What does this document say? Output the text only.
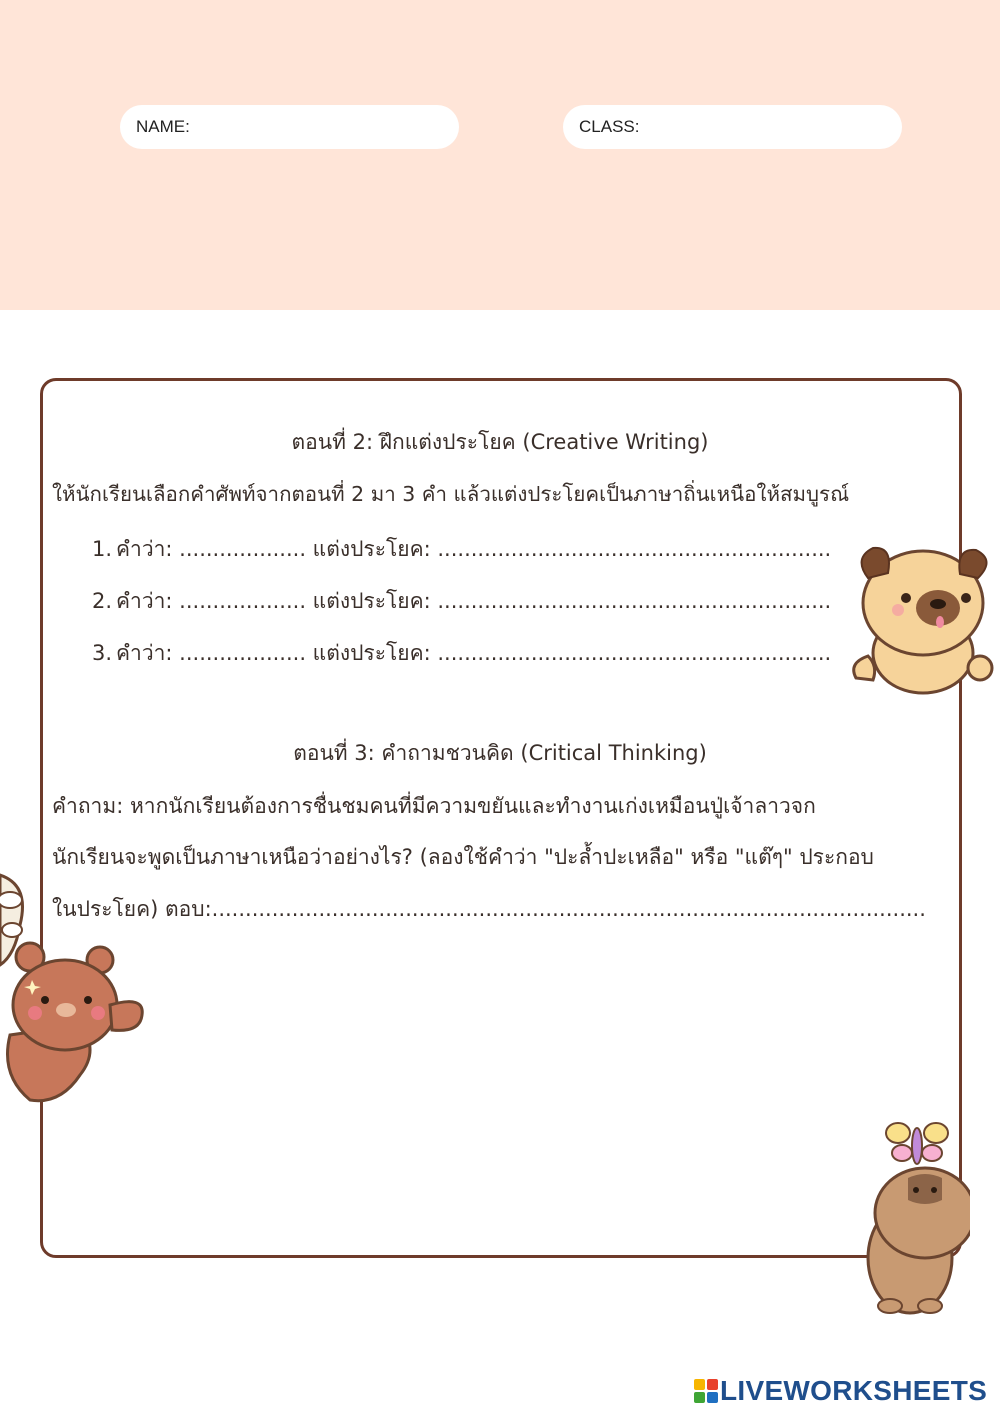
NAME:	CLASS:
ตอนที่ 2: ฝึกแต่งประโยค (Creative Writing)
ให้นักเรียนเลือกคำศัพท์จากตอนที่ 2 มา 3 คำ แล้วแต่งประโยคเป็นภาษาถิ่นเหนือให้สมบูรณ์
1. คำว่า: ................... แต่งประโยค: ...........................................................
2. คำว่า: ................... แต่งประโยค: ...........................................................
3. คำว่า: ................... แต่งประโยค: ...........................................................
ตอนที่ 3: คำถามชวนคิด (Critical Thinking)
คำถาม: หากนักเรียนต้องการชื่นชมคนที่มีความขยันและทำงานเก่งเหมือนปู่เจ้าลาวจก
นักเรียนจะพูดเป็นภาษาเหนือว่าอย่างไร? (ลองใช้คำว่า "ปะล้ำปะเหลือ" หรือ "แต๊ๆ" ประกอบ
ในประโยค) ตอบ:...........................................................................................................
LIVEWORKSHEETS
